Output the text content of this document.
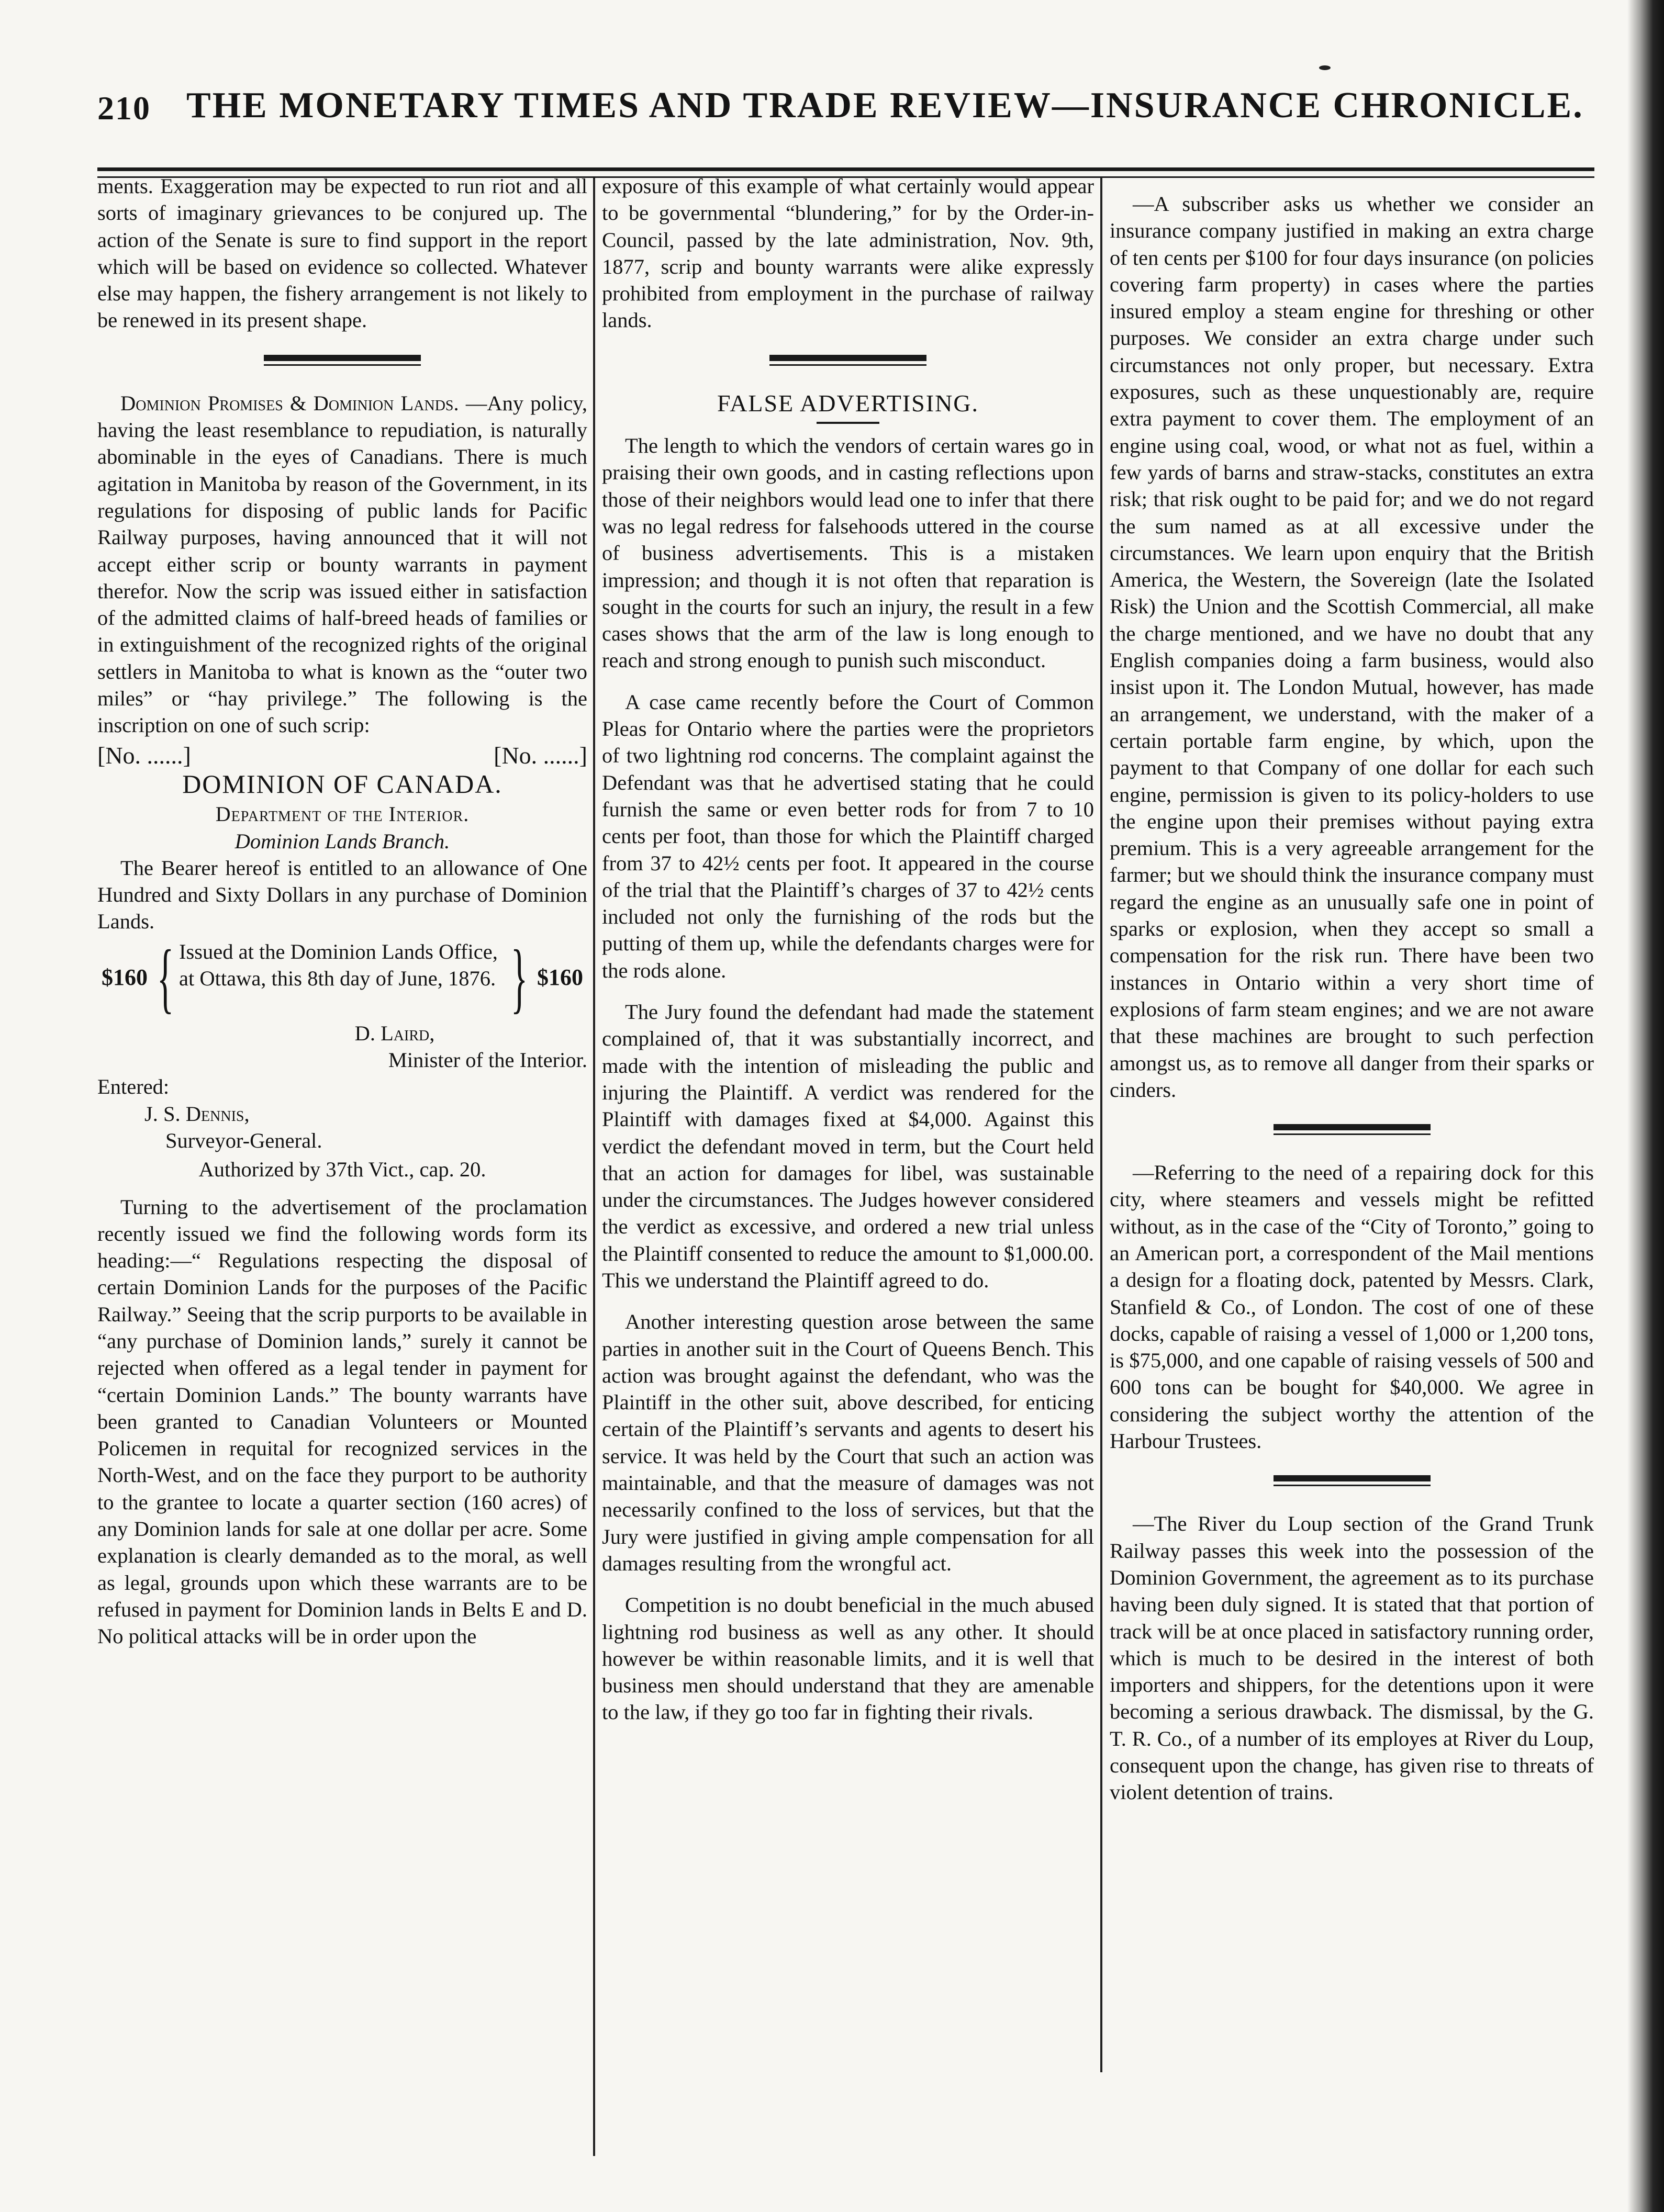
210 THE MONETARY TIMES AND TRADE REVIEW—INSURANCE CHRONICLE.

ments. Exaggeration may be expected to run riot and all sorts of imaginary grievances to be conjured up. The action of the Senate is sure to find support in the report which will be based on evidence so collected. Whatever else may happen, the fishery arrangement is not likely to be renewed in its present shape.

Dominion Promises & Dominion Lands. —Any policy, having the least resemblance to repudiation, is naturally abominable in the eyes of Canadians. There is much agitation in Manitoba by reason of the Government, in its regulations for disposing of public lands for Pacific Railway purposes, having announced that it will not accept either scrip or bounty warrants in payment therefor. Now the scrip was issued either in satisfaction of the admitted claims of half-breed heads of families or in extinguishment of the recognized rights of the original settlers in Manitoba to what is known as the “outer two miles” or “hay privilege.” The following is the inscription on one of such scrip:

[No. ......]	[No. ......]
DOMINION OF CANADA.
Department of the Interior.
Dominion Lands Branch.

The Bearer hereof is entitled to an allowance of One Hundred and Sixty Dollars in any purchase of Dominion Lands.

$160 { Issued at the Dominion Lands Office, at Ottawa, this 8th day of June, 1876. } $160
D. Laird,
Minister of the Interior.
Entered:
J. S. Dennis,
Surveyor-General.
Authorized by 37th Vict., cap. 20.

Turning to the advertisement of the proclamation recently issued we find the following words form its heading:—“ Regulations respecting the disposal of certain Dominion Lands for the purposes of the Pacific Railway.” Seeing that the scrip purports to be available in “any purchase of Dominion lands,” surely it cannot be rejected when offered as a legal tender in payment for “certain Dominion Lands.” The bounty warrants have been granted to Canadian Volunteers or Mounted Policemen in requital for recognized services in the North-West, and on the face they purport to be authority to the grantee to locate a quarter section (160 acres) of any Dominion lands for sale at one dollar per acre. Some explanation is clearly demanded as to the moral, as well as legal, grounds upon which these warrants are to be refused in payment for Dominion lands in Belts E and D. No political attacks will be in order upon the

exposure of this example of what certainly would appear to be governmental “blundering,” for by the Order-in-Council, passed by the late administration, Nov. 9th, 1877, scrip and bounty warrants were alike expressly prohibited from employment in the purchase of railway lands.

FALSE ADVERTISING.

The length to which the vendors of certain wares go in praising their own goods, and in casting reflections upon those of their neighbors would lead one to infer that there was no legal redress for falsehoods uttered in the course of business advertisements. This is a mistaken impression; and though it is not often that reparation is sought in the courts for such an injury, the result in a few cases shows that the arm of the law is long enough to reach and strong enough to punish such misconduct.

A case came recently before the Court of Common Pleas for Ontario where the parties were the proprietors of two lightning rod concerns. The complaint against the Defendant was that he advertised stating that he could furnish the same or even better rods for from 7 to 10 cents per foot, than those for which the Plaintiff charged from 37 to 42½ cents per foot. It appeared in the course of the trial that the Plaintiff’s charges of 37 to 42½ cents included not only the furnishing of the rods but the putting of them up, while the defendants charges were for the rods alone.

The Jury found the defendant had made the statement complained of, that it was substantially incorrect, and made with the intention of misleading the public and injuring the Plaintiff. A verdict was rendered for the Plaintiff with damages fixed at $4,000. Against this verdict the defendant moved in term, but the Court held that an action for damages for libel, was sustainable under the circumstances. The Judges however considered the verdict as excessive, and ordered a new trial unless the Plaintiff consented to reduce the amount to $1,000.00. This we understand the Plaintiff agreed to do.

Another interesting question arose between the same parties in another suit in the Court of Queens Bench. This action was brought against the defendant, who was the Plaintiff in the other suit, above described, for enticing certain of the Plaintiff’s servants and agents to desert his service. It was held by the Court that such an action was maintainable, and that the measure of damages was not necessarily confined to the loss of services, but that the Jury were justified in giving ample compensation for all damages resulting from the wrongful act.

Competition is no doubt beneficial in the much abused lightning rod business as well as any other. It should however be within reasonable limits, and it is well that business men should understand that they are amenable to the law, if they go too far in fighting their rivals.

—A subscriber asks us whether we consider an insurance company justified in making an extra charge of ten cents per $100 for four days insurance (on policies covering farm property) in cases where the parties insured employ a steam engine for threshing or other purposes. We consider an extra charge under such circumstances not only proper, but necessary. Extra exposures, such as these unquestionably are, require extra payment to cover them. The employment of an engine using coal, wood, or what not as fuel, within a few yards of barns and straw-stacks, constitutes an extra risk; that risk ought to be paid for; and we do not regard the sum named as at all excessive under the circumstances. We learn upon enquiry that the British America, the Western, the Sovereign (late the Isolated Risk) the Union and the Scottish Commercial, all make the charge mentioned, and we have no doubt that any English companies doing a farm business, would also insist upon it. The London Mutual, however, has made an arrangement, we understand, with the maker of a certain portable farm engine, by which, upon the payment to that Company of one dollar for each such engine, permission is given to its policy-holders to use the engine upon their premises without paying extra premium. This is a very agreeable arrangement for the farmer; but we should think the insurance company must regard the engine as an unusually safe one in point of sparks or explosion, when they accept so small a compensation for the risk run. There have been two instances in Ontario within a very short time of explosions of farm steam engines; and we are not aware that these machines are brought to such perfection amongst us, as to remove all danger from their sparks or cinders.

—Referring to the need of a repairing dock for this city, where steamers and vessels might be refitted without, as in the case of the “City of Toronto,” going to an American port, a correspondent of the Mail mentions a design for a floating dock, patented by Messrs. Clark, Stanfield & Co., of London. The cost of one of these docks, capable of raising a vessel of 1,000 or 1,200 tons, is $75,000, and one capable of raising vessels of 500 and 600 tons can be bought for $40,000. We agree in considering the subject worthy the attention of the Harbour Trustees.

—The River du Loup section of the Grand Trunk Railway passes this week into the possession of the Dominion Government, the agreement as to its purchase having been duly signed. It is stated that that portion of track will be at once placed in satisfactory running order, which is much to be desired in the interest of both importers and shippers, for the detentions upon it were becoming a serious drawback. The dismissal, by the G. T. R. Co., of a number of its employes at River du Loup, consequent upon the change, has given rise to threats of violent detention of trains.
